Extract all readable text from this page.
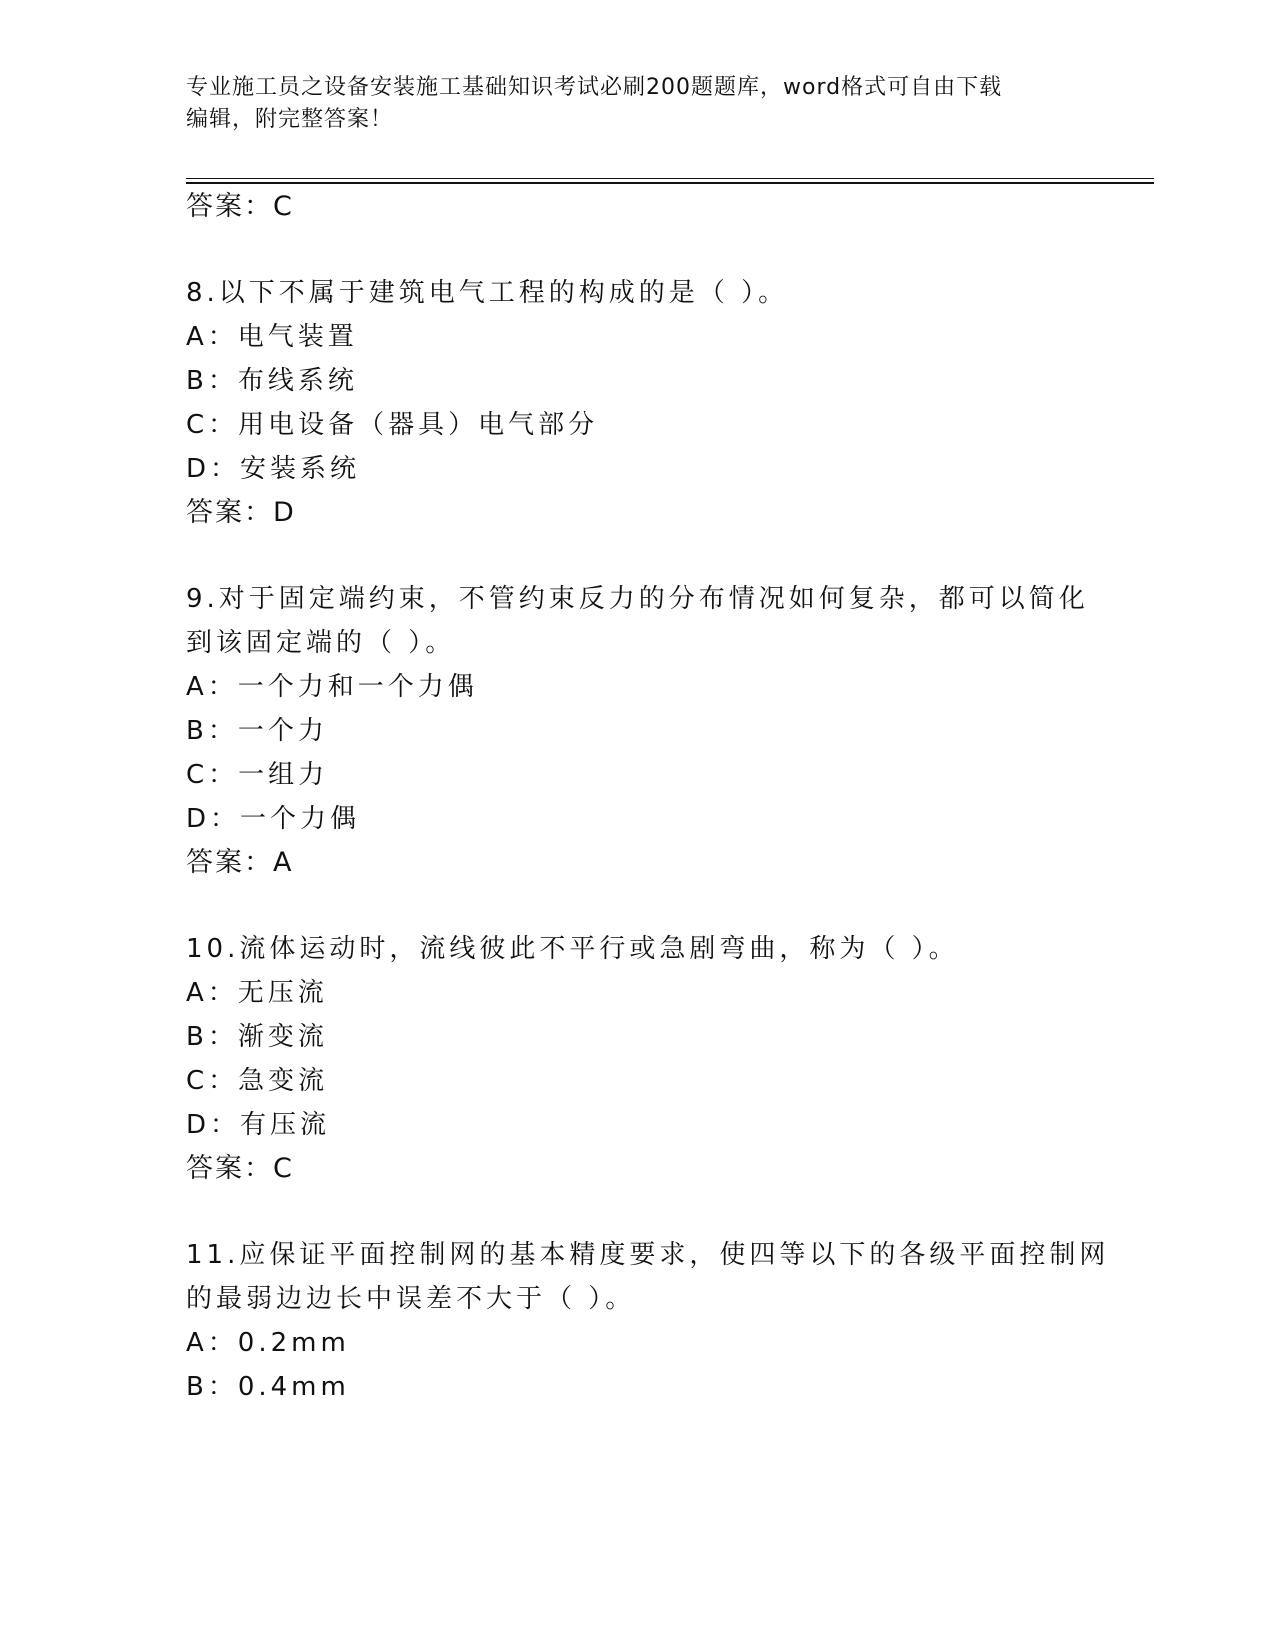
专业施工员之设备安装施工基础知识考试必刷200题题库，word格式可自由下载
编辑，附完整答案！
答案：C
8.以下不属于建筑电气工程的构成的是（ ）。
A：电气装置
B：布线系统
C：用电设备（器具）电气部分
D：安装系统
答案：D
9.对于固定端约束，不管约束反力的分布情况如何复杂，都可以简化
到该固定端的（ ）。
A：一个力和一个力偶
B：一个力
C：一组力
D：一个力偶
答案：A
10.流体运动时，流线彼此不平行或急剧弯曲，称为（ ）。
A：无压流
B：渐变流
C：急变流
D：有压流
答案：C
11.应保证平面控制网的基本精度要求，使四等以下的各级平面控制网
的最弱边边长中误差不大于（ ）。
A：0.2mm
B：0.4mm
